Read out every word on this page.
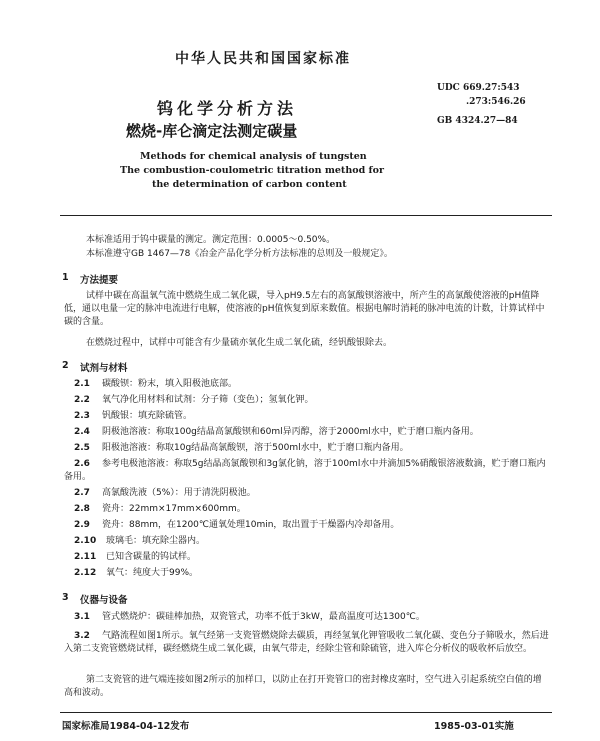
中华人民共和国国家标准
钨化学分析方法
燃烧-库仑滴定法测定碳量
UDC 669.27:543
.273:546.26
GB 4324.27—84
Methods for chemical analysis of tungsten
The combustion-coulometric titration method for
the determination of carbon content
本标准适用于钨中碳量的测定。测定范围：0.0005～0.50%。
本标准遵守GB 1467—78《冶金产品化学分析方法标准的总则及一般规定》。
1 方法提要
试样中碳在高温氧气流中燃烧生成二氧化碳，导入pH9.5左右的高氯酸钡溶液中，所产生的高氯酸使溶液的pH值降低，通以电量一定的脉冲电流进行电解，使溶液的pH值恢复到原来数值。根据电解时消耗的脉冲电流的计数，计算试样中碳的含量。
在燃烧过程中，试样中可能含有少量硫亦氧化生成二氧化硫，经钒酸银除去。
2 试剂与材料
2.1 碳酸钡：粉末，填入阳极池底部。
2.2 氧气净化用材料和试剂：分子筛（变色）；氢氧化钾。
2.3 钒酸银：填充除硫管。
2.4 阴极池溶液：称取100g结晶高氯酸钡和60ml异丙醇，溶于2000ml水中，贮于磨口瓶内备用。
2.5 阳极池溶液：称取10g结晶高氯酸钡，溶于500ml水中，贮于磨口瓶内备用。
2.6	参考电极池溶液：称取5g结晶高氯酸钡和3g氯化钠，溶于100ml水中并滴加5%硝酸银溶液数滴，贮于磨口瓶内备用。
2.7 高氯酸洗液（5%）：用于清洗阴极池。
2.8 瓷舟：22mm×17mm×600mm。
2.9 瓷舟：88mm，在1200℃通氧处理10min，取出置于干燥器内冷却备用。
2.10 玻璃毛：填充除尘器内。
2.11 已知含碳量的钨试样。
2.12 氧气：纯度大于99%。
3 仪器与设备
3.1 管式燃烧炉：碳硅棒加热，双瓷管式，功率不低于3kW，最高温度可达1300℃。
3.2	气路流程如图1所示。氧气经第一支瓷管燃烧除去碳质，再经氢氧化钾管吸收二氧化碳、变色分子筛吸水，然后进入第二支瓷管燃烧试样，碳经燃烧生成二氧化碳，由氧气带走，经除尘管和除硫管，进入库仑分析仪的吸收杯后放空。
第二支瓷管的进气端连接如图2所示的加样口，以防止在打开瓷管口的密封橡皮塞时，空气进入引起系统空白值的增高和波动。
国家标准局1984-04-12发布	1985-03-01实施
